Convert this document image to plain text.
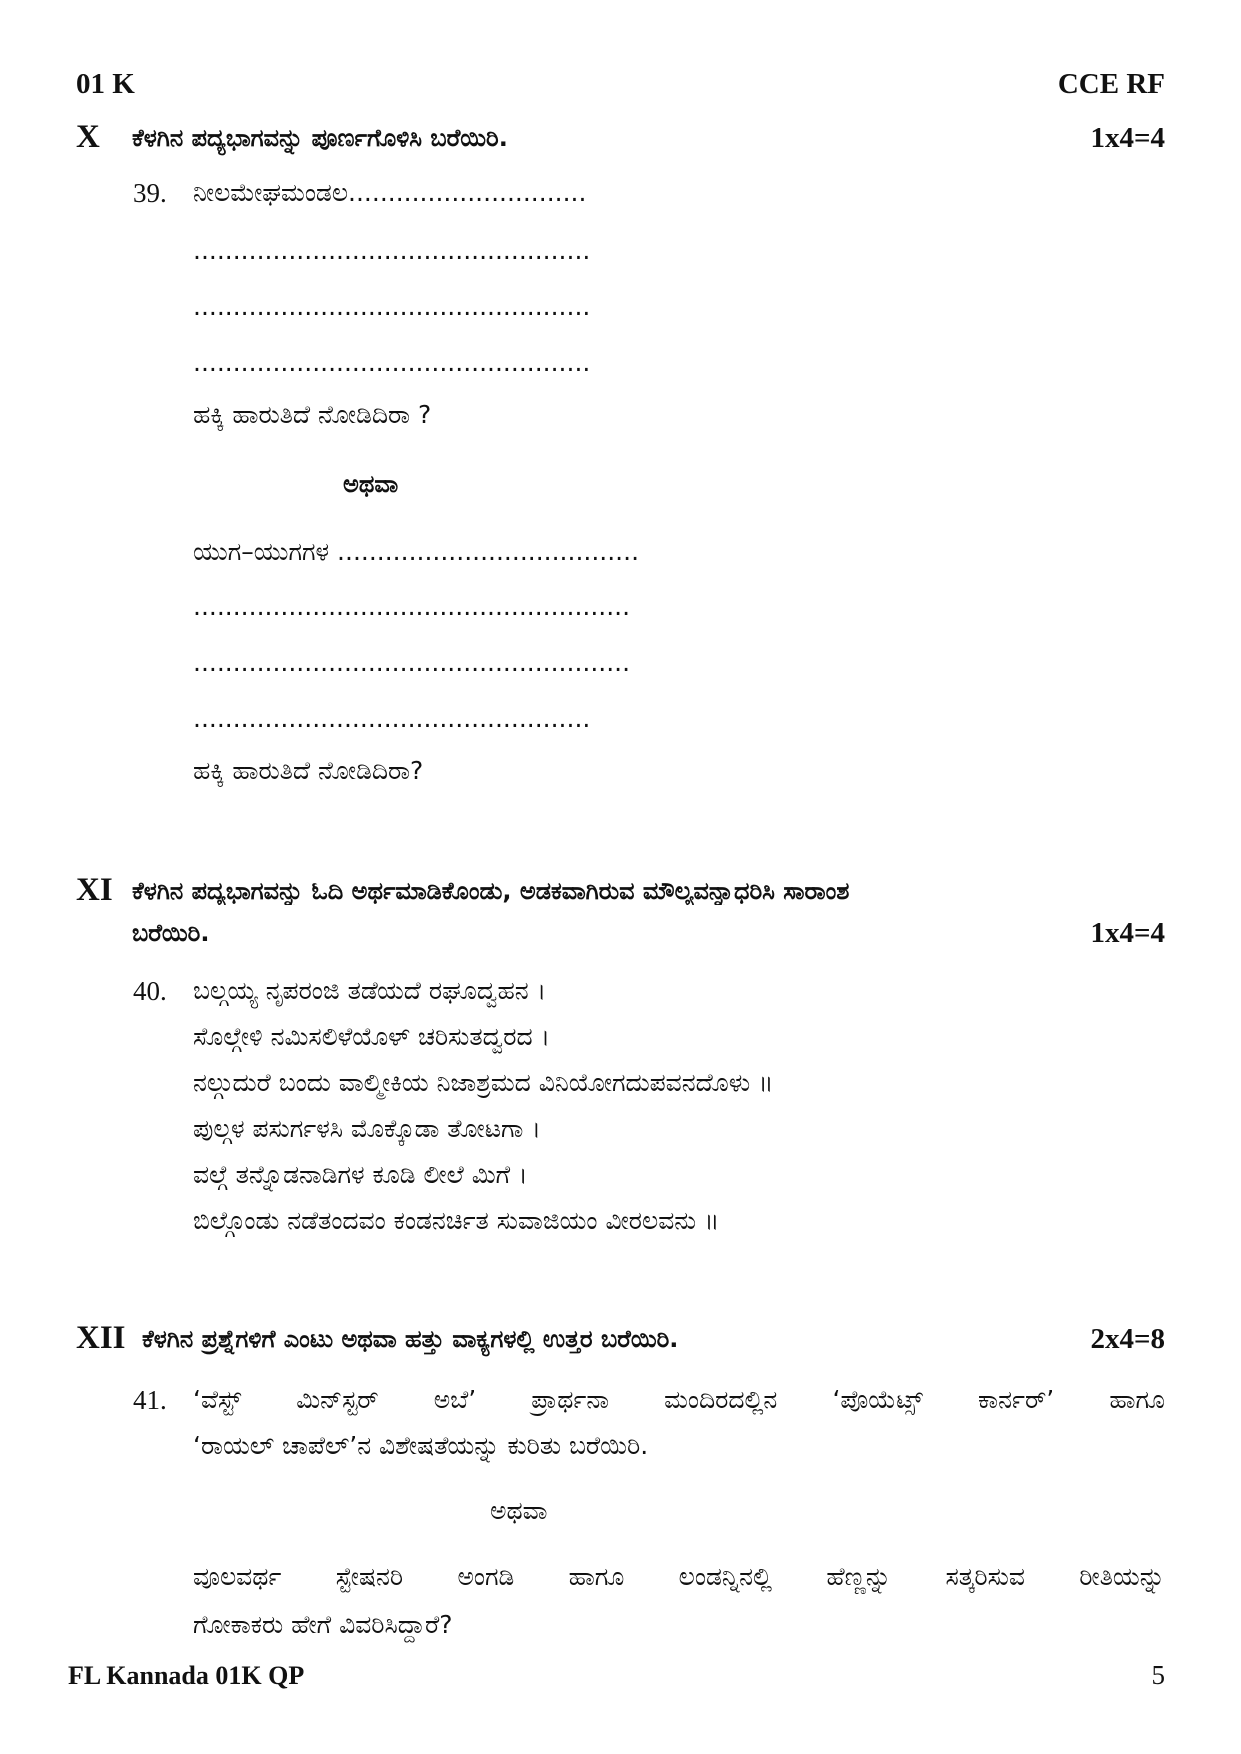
01 K	CCE RF
X ಕೆಳಗಿನ ಪದ್ಯಭಾಗವನ್ನು ಪೂರ್ಣಗೊಳಿಸಿ ಬರೆಯಿರಿ.	1x4=4
39. ನೀಲಮೇಘಮಂಡಲ..............................
..................................................
..................................................
..................................................
ಹಕ್ಕಿ ಹಾರುತಿದೆ ನೋಡಿದಿರಾ ?
ಅಥವಾ
ಯುಗ–ಯುಗಗಳ ......................................
.......................................................
.......................................................
..................................................
ಹಕ್ಕಿ ಹಾರುತಿದೆ ನೋಡಿದಿರಾ?
XI ಕೆಳಗಿನ ಪದ್ಯಭಾಗವನ್ನು ಓದಿ ಅರ್ಥಮಾಡಿಕೊಂಡು, ಅಡಕವಾಗಿರುವ ಮೌಲ್ಯವನ್ನಾಧರಿಸಿ ಸಾರಾಂಶ
ಬರೆಯಿರಿ.	1x4=4
40. ಬಲ್ಗಯ್ಯ ನೃಪರಂಜಿ ತಡೆಯದೆ ರಘೂದ್ವಹನ ।
ಸೊಲ್ಗೇಳಿ ನಮಿಸಲಿಳೆಯೊಳ್ ಚರಿಸುತದ್ವರದ ।
ನಲ್ಗುದುರೆ ಬಂದು ವಾಲ್ಮೀಕಿಯ ನಿಜಾಶ್ರಮದ ವಿನಿಯೋಗದುಪವನದೊಳು ॥
ಪುಲ್ಗಳ ಪಸುರ್ಗಳಸಿ ಮೊಕ್ಕೊಡಾ ತೋಟಗಾ ।
ವಲ್ಗೆ ತನ್ನೊಡನಾಡಿಗಳ ಕೂಡಿ ಲೀಲೆ ಮಿಗೆ ।
ಬಿಲ್ಗೊಂಡು ನಡೆತಂದವಂ ಕಂಡನರ್ಚಿತ ಸುವಾಜಿಯಂ ವೀರಲವನು ॥
XII ಕೆಳಗಿನ ಪ್ರಶ್ನೆಗಳಿಗೆ ಎಂಟು ಅಥವಾ ಹತ್ತು ವಾಕ್ಯಗಳಲ್ಲಿ ಉತ್ತರ ಬರೆಯಿರಿ.	2x4=8
41. ‘ವೆಸ್ಟ್ ಮಿನ್‌ಸ್ಟರ್ ಅಬೆ’ ಪ್ರಾರ್ಥನಾ ಮಂದಿರದಲ್ಲಿನ ‘ಪೊಯೆಟ್ಸ್ ಕಾರ್ನರ್’ ಹಾಗೂ
‘ರಾಯಲ್ ಚಾಪೆಲ್’ನ ವಿಶೇಷತೆಯನ್ನು ಕುರಿತು ಬರೆಯಿರಿ.
ಅಥವಾ
ವೂಲವರ್ಥ ಸ್ಟೇಷನರಿ ಅಂಗಡಿ ಹಾಗೂ ಲಂಡನ್ನಿನಲ್ಲಿ ಹೆಣ್ಣನ್ನು ಸತ್ಕರಿಸುವ ರೀತಿಯನ್ನು
ಗೋಕಾಕರು ಹೇಗೆ ವಿವರಿಸಿದ್ದಾರೆ?
FL Kannada 01K QP	5
